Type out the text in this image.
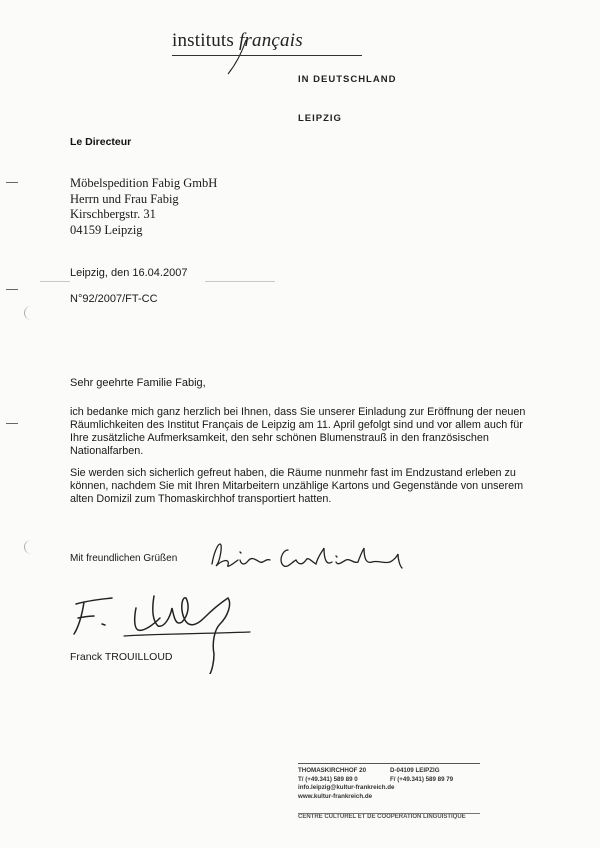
instituts français
IN DEUTSCHLAND
LEIPZIG
Le Directeur
Möbelspedition Fabig GmbH
Herrn und Frau Fabig
Kirschbergstr. 31
04159 Leipzig
Leipzig, den 16.04.2007
N°92/2007/FT-CC
Sehr geehrte Familie Fabig,
ich bedanke mich ganz herzlich bei Ihnen, dass Sie unserer Einladung zur Eröffnung der neuen Räumlichkeiten des Institut Français de Leipzig am 11. April gefolgt sind und vor allem auch für Ihre zusätzliche Aufmerksamkeit, den sehr schönen Blumenstrauß in den französischen Nationalfarben.
Sie werden sich sicherlich gefreut haben, die Räume nunmehr fast im Endzustand erleben zu können, nachdem Sie mit Ihren Mitarbeitern unzählige Kartons und Gegenstände von unserem alten Domizil zum Thomaskirchhof transportiert hatten.
Mit freundlichen Grüßen
Franck TROUILLOUD
THOMASKIRCHHOF 20	D-04109 LEIPZIG
T/ (+49.341) 589 89 0	F/ (+49.341) 589 89 79
info.leipzig@kultur-frankreich.de
www.kultur-frankreich.de
CENTRE CULTUREL ET DE COOPÉRATION LINGUISTIQUE
